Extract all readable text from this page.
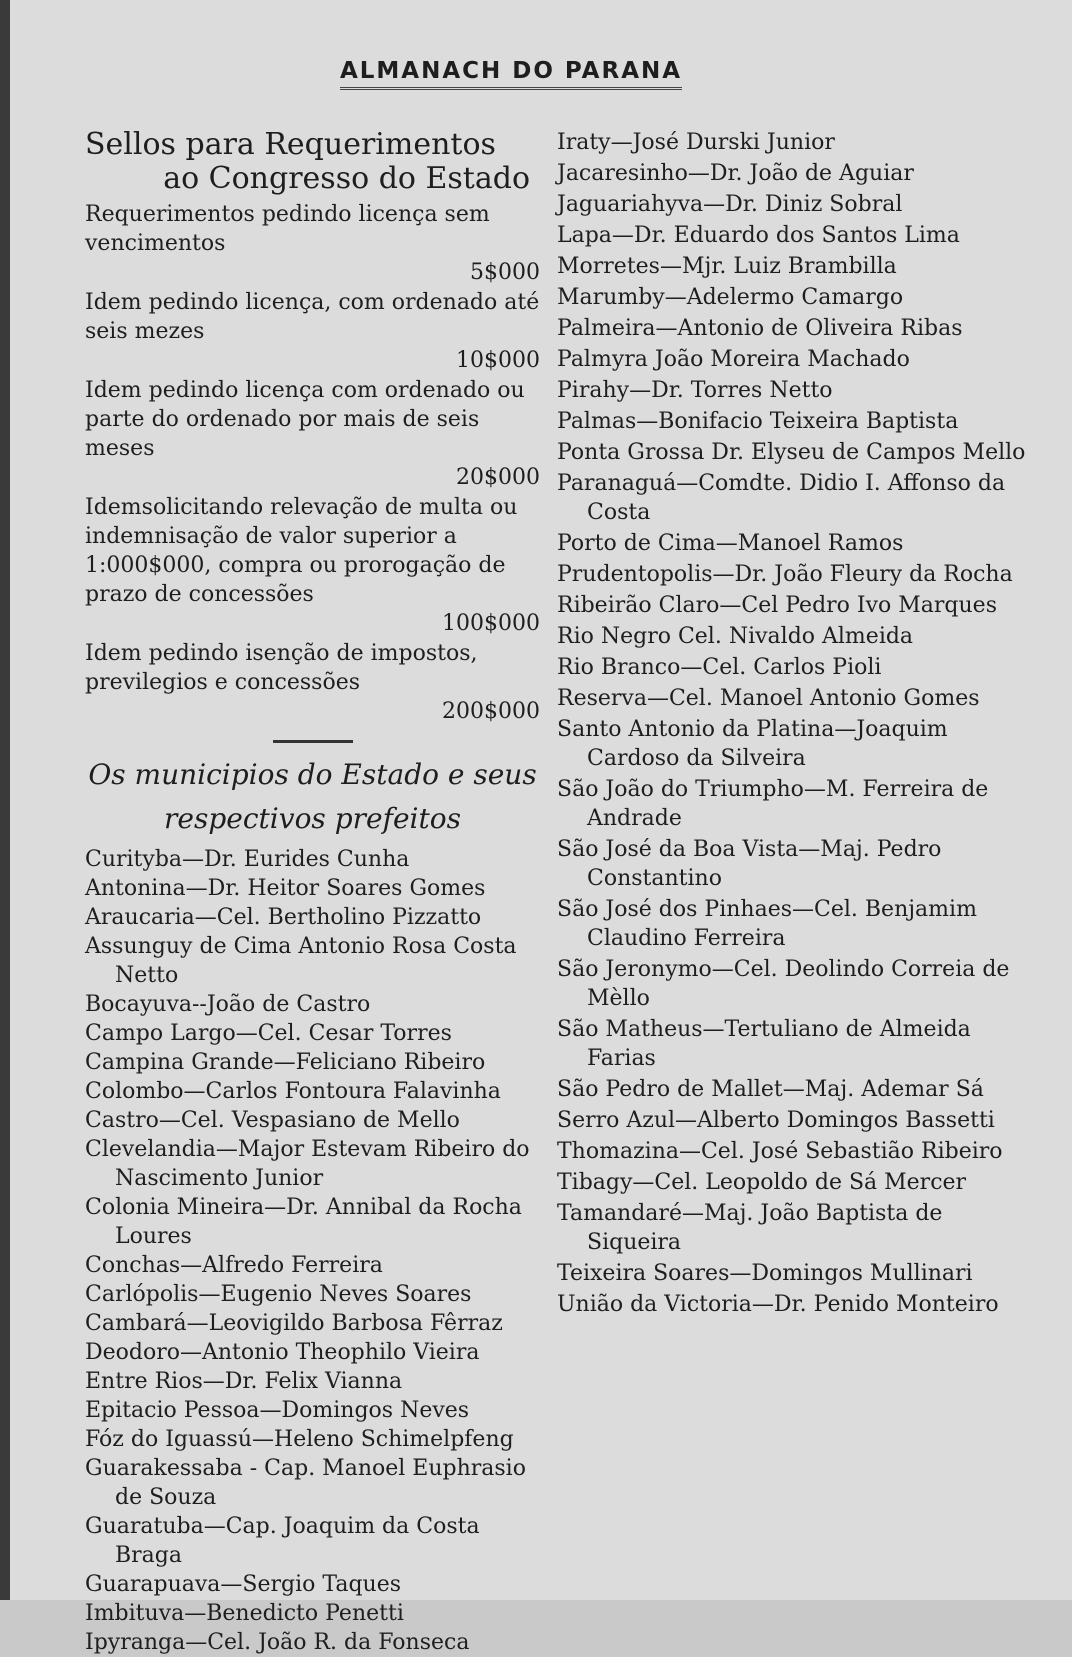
ALMANACH DO PARANA
Sellos para Requerimentos
ao Congresso do Estado
Requerimentos pedindo licença sem vencimentos
5$000
Idem pedindo licença, com ordenado até seis mezes
10$000
Idem pedindo licença com ordenado ou parte do ordenado por mais de seis meses
20$000
Idemsolicitando relevação de multa ou indemnisação de valor superior a 1:000$000, compra ou prorogação de prazo de concessões
100$000
Idem pedindo isenção de impostos, previlegios e concessões
200$000
Os municipios do Estado e seus
respectivos prefeitos
Curityba—Dr. Eurides Cunha
Antonina—Dr. Heitor Soares Gomes
Araucaria—Cel. Bertholino Pizzatto
Assunguy de Cima Antonio Rosa Costa Netto
Bocayuva--João de Castro
Campo Largo—Cel. Cesar Torres
Campina Grande—Feliciano Ribeiro
Colombo—Carlos Fontoura Falavinha
Castro—Cel. Vespasiano de Mello
Clevelandia—Major Estevam Ribeiro do Nascimento Junior
Colonia Mineira—Dr. Annibal da Rocha Loures
Conchas—Alfredo Ferreira
Carlópolis—Eugenio Neves Soares
Cambará—Leovigildo Barbosa Fêrraz
Deodoro—Antonio Theophilo Vieira
Entre Rios—Dr. Felix Vianna
Epitacio Pessoa—Domingos Neves
Fóz do Iguassú—Heleno Schimelpfeng
Guarakessaba - Cap. Manoel Euphrasio de Souza
Guaratuba—Cap. Joaquim da Costa Braga
Guarapuava—Sergio Taques
Imbituva—Benedicto Penetti
Ipyranga—Cel. João R. da Fonseca
Iraty—José Durski Junior
Jacaresinho—Dr. João de Aguiar
Jaguariahyva—Dr. Diniz Sobral
Lapa—Dr. Eduardo dos Santos Lima
Morretes—Mjr. Luiz Brambilla
Marumby—Adelermo Camargo
Palmeira—Antonio de Oliveira Ribas
Palmyra João Moreira Machado
Pirahy—Dr. Torres Netto
Palmas—Bonifacio Teixeira Baptista
Ponta Grossa Dr. Elyseu de Campos Mello
Paranaguá—Comdte. Didio I. Affonso da Costa
Porto de Cima—Manoel Ramos
Prudentopolis—Dr. João Fleury da Rocha
Ribeirão Claro—Cel Pedro Ivo Marques
Rio Negro Cel. Nivaldo Almeida
Rio Branco—Cel. Carlos Pioli
Reserva—Cel. Manoel Antonio Gomes
Santo Antonio da Platina—Joaquim Cardoso da Silveira
São João do Triumpho—M. Ferreira de Andrade
São José da Boa Vista—Maj. Pedro Constantino
São José dos Pinhaes—Cel. Benjamim Claudino Ferreira
São Jeronymo—Cel. Deolindo Correia de Mèllo
São Matheus—Tertuliano de Almeida Farias
São Pedro de Mallet—Maj. Ademar Sá
Serro Azul—Alberto Domingos Bassetti
Thomazina—Cel. José Sebastião Ribeiro
Tibagy—Cel. Leopoldo de Sá Mercer
Tamandaré—Maj. João Baptista de Siqueira
Teixeira Soares—Domingos Mullinari
União da Victoria—Dr. Penido Monteiro
